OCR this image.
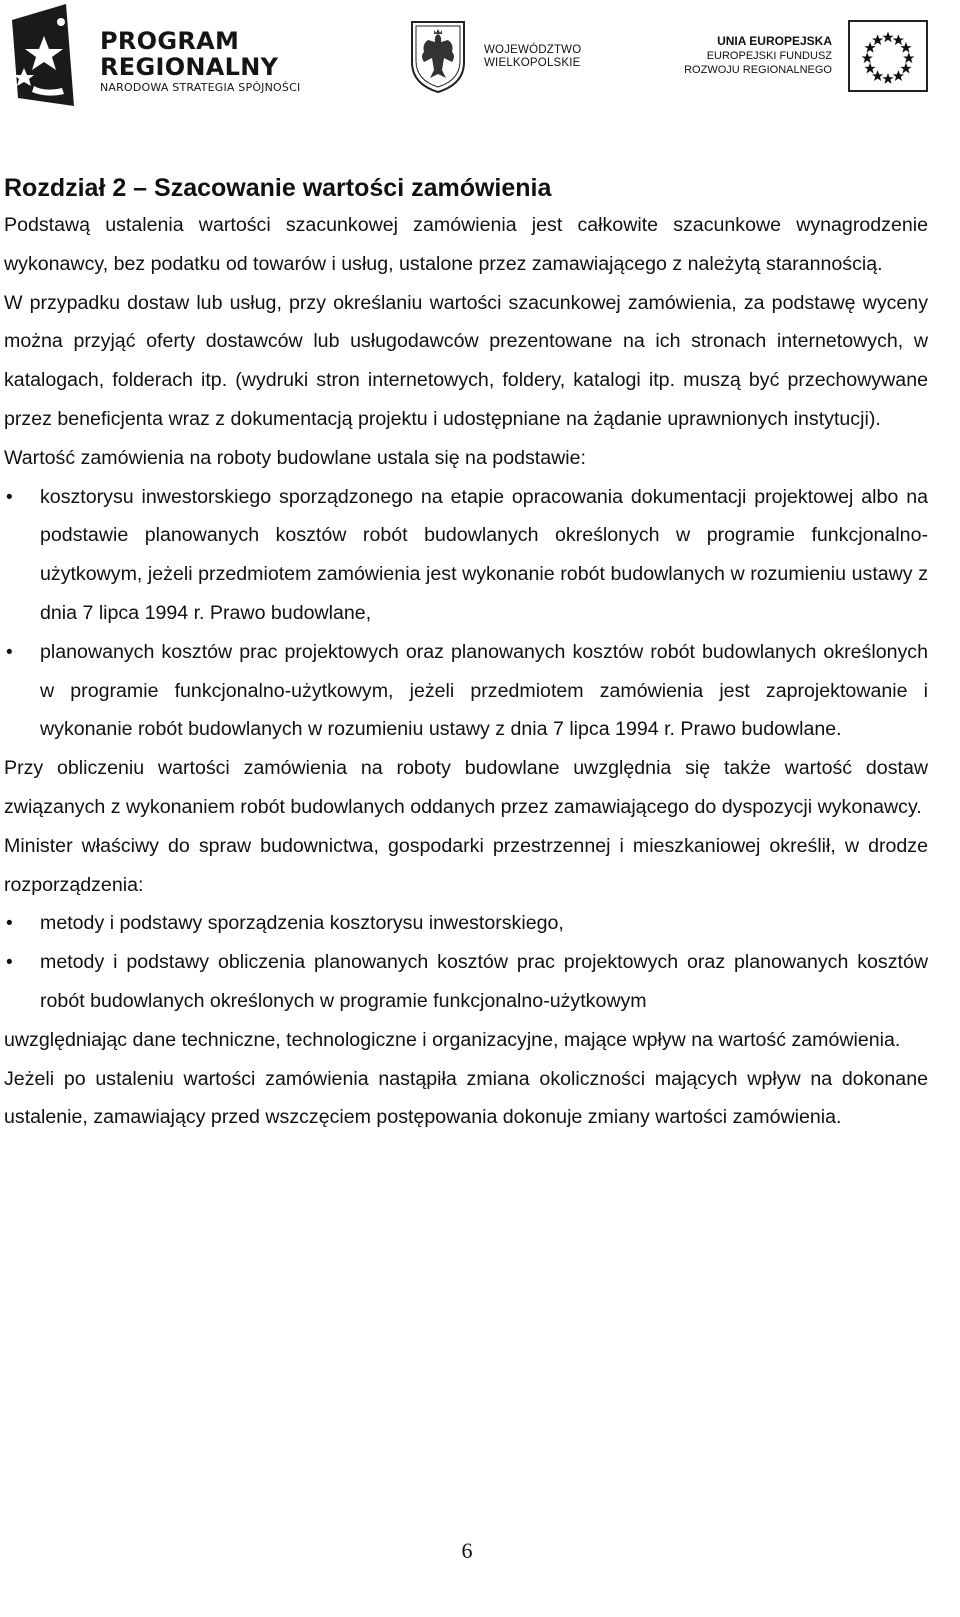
PROGRAM
REGIONALNY
NARODOWA STRATEGIA SPÓJNOŚCI
WOJEWÓDZTWO
WIELKOPOLSKIE
UNIA EUROPEJSKA
EUROPEJSKI FUNDUSZ
ROZWOJU REGIONALNEGO
Rozdział 2 – Szacowanie wartości zamówienia

Podstawą ustalenia wartości szacunkowej zamówienia jest całkowite szacunkowe wynagrodzenie wykonawcy, bez podatku od towarów i usług, ustalone przez zamawiającego z należytą starannością.

W przypadku dostaw lub usług, przy określaniu wartości szacunkowej zamówienia, za podstawę wyceny można przyjąć oferty dostawców lub usługodawców prezentowane na ich stronach internetowych, w katalogach, folderach itp. (wydruki stron internetowych, foldery, katalogi itp. muszą być przechowywane przez beneficjenta wraz z dokumentacją projektu i udostępniane na żądanie uprawnionych instytucji).

Wartość zamówienia na roboty budowlane ustala się na podstawie:

•
kosztorysu inwestorskiego sporządzonego na etapie opracowania dokumentacji projektowej albo na podstawie planowanych kosztów robót budowlanych określonych w programie funkcjonalno-użytkowym, jeżeli przedmiotem zamówienia jest wykonanie robót budowlanych w rozumieniu ustawy z dnia 7 lipca 1994 r. Prawo budowlane,
•
planowanych kosztów prac projektowych oraz planowanych kosztów robót budowlanych określonych w programie funkcjonalno-użytkowym, jeżeli przedmiotem zamówienia jest zaprojektowanie i wykonanie robót budowlanych w rozumieniu ustawy z dnia 7 lipca 1994 r. Prawo budowlane.

Przy obliczeniu wartości zamówienia na roboty budowlane uwzględnia się także wartość dostaw związanych z wykonaniem robót budowlanych oddanych przez zamawiającego do dyspozycji wykonawcy.

Minister właściwy do spraw budownictwa, gospodarki przestrzennej i mieszkaniowej określił, w drodze rozporządzenia:

•
metody i podstawy sporządzenia kosztorysu inwestorskiego,
•
metody i podstawy obliczenia planowanych kosztów prac projektowych oraz planowanych kosztów robót budowlanych określonych w programie funkcjonalno-użytkowym

uwzględniając dane techniczne, technologiczne i organizacyjne, mające wpływ na wartość zamówienia.

Jeżeli po ustaleniu wartości zamówienia nastąpiła zmiana okoliczności mających wpływ na dokonane ustalenie, zamawiający przed wszczęciem postępowania dokonuje zmiany wartości zamówienia.

6
